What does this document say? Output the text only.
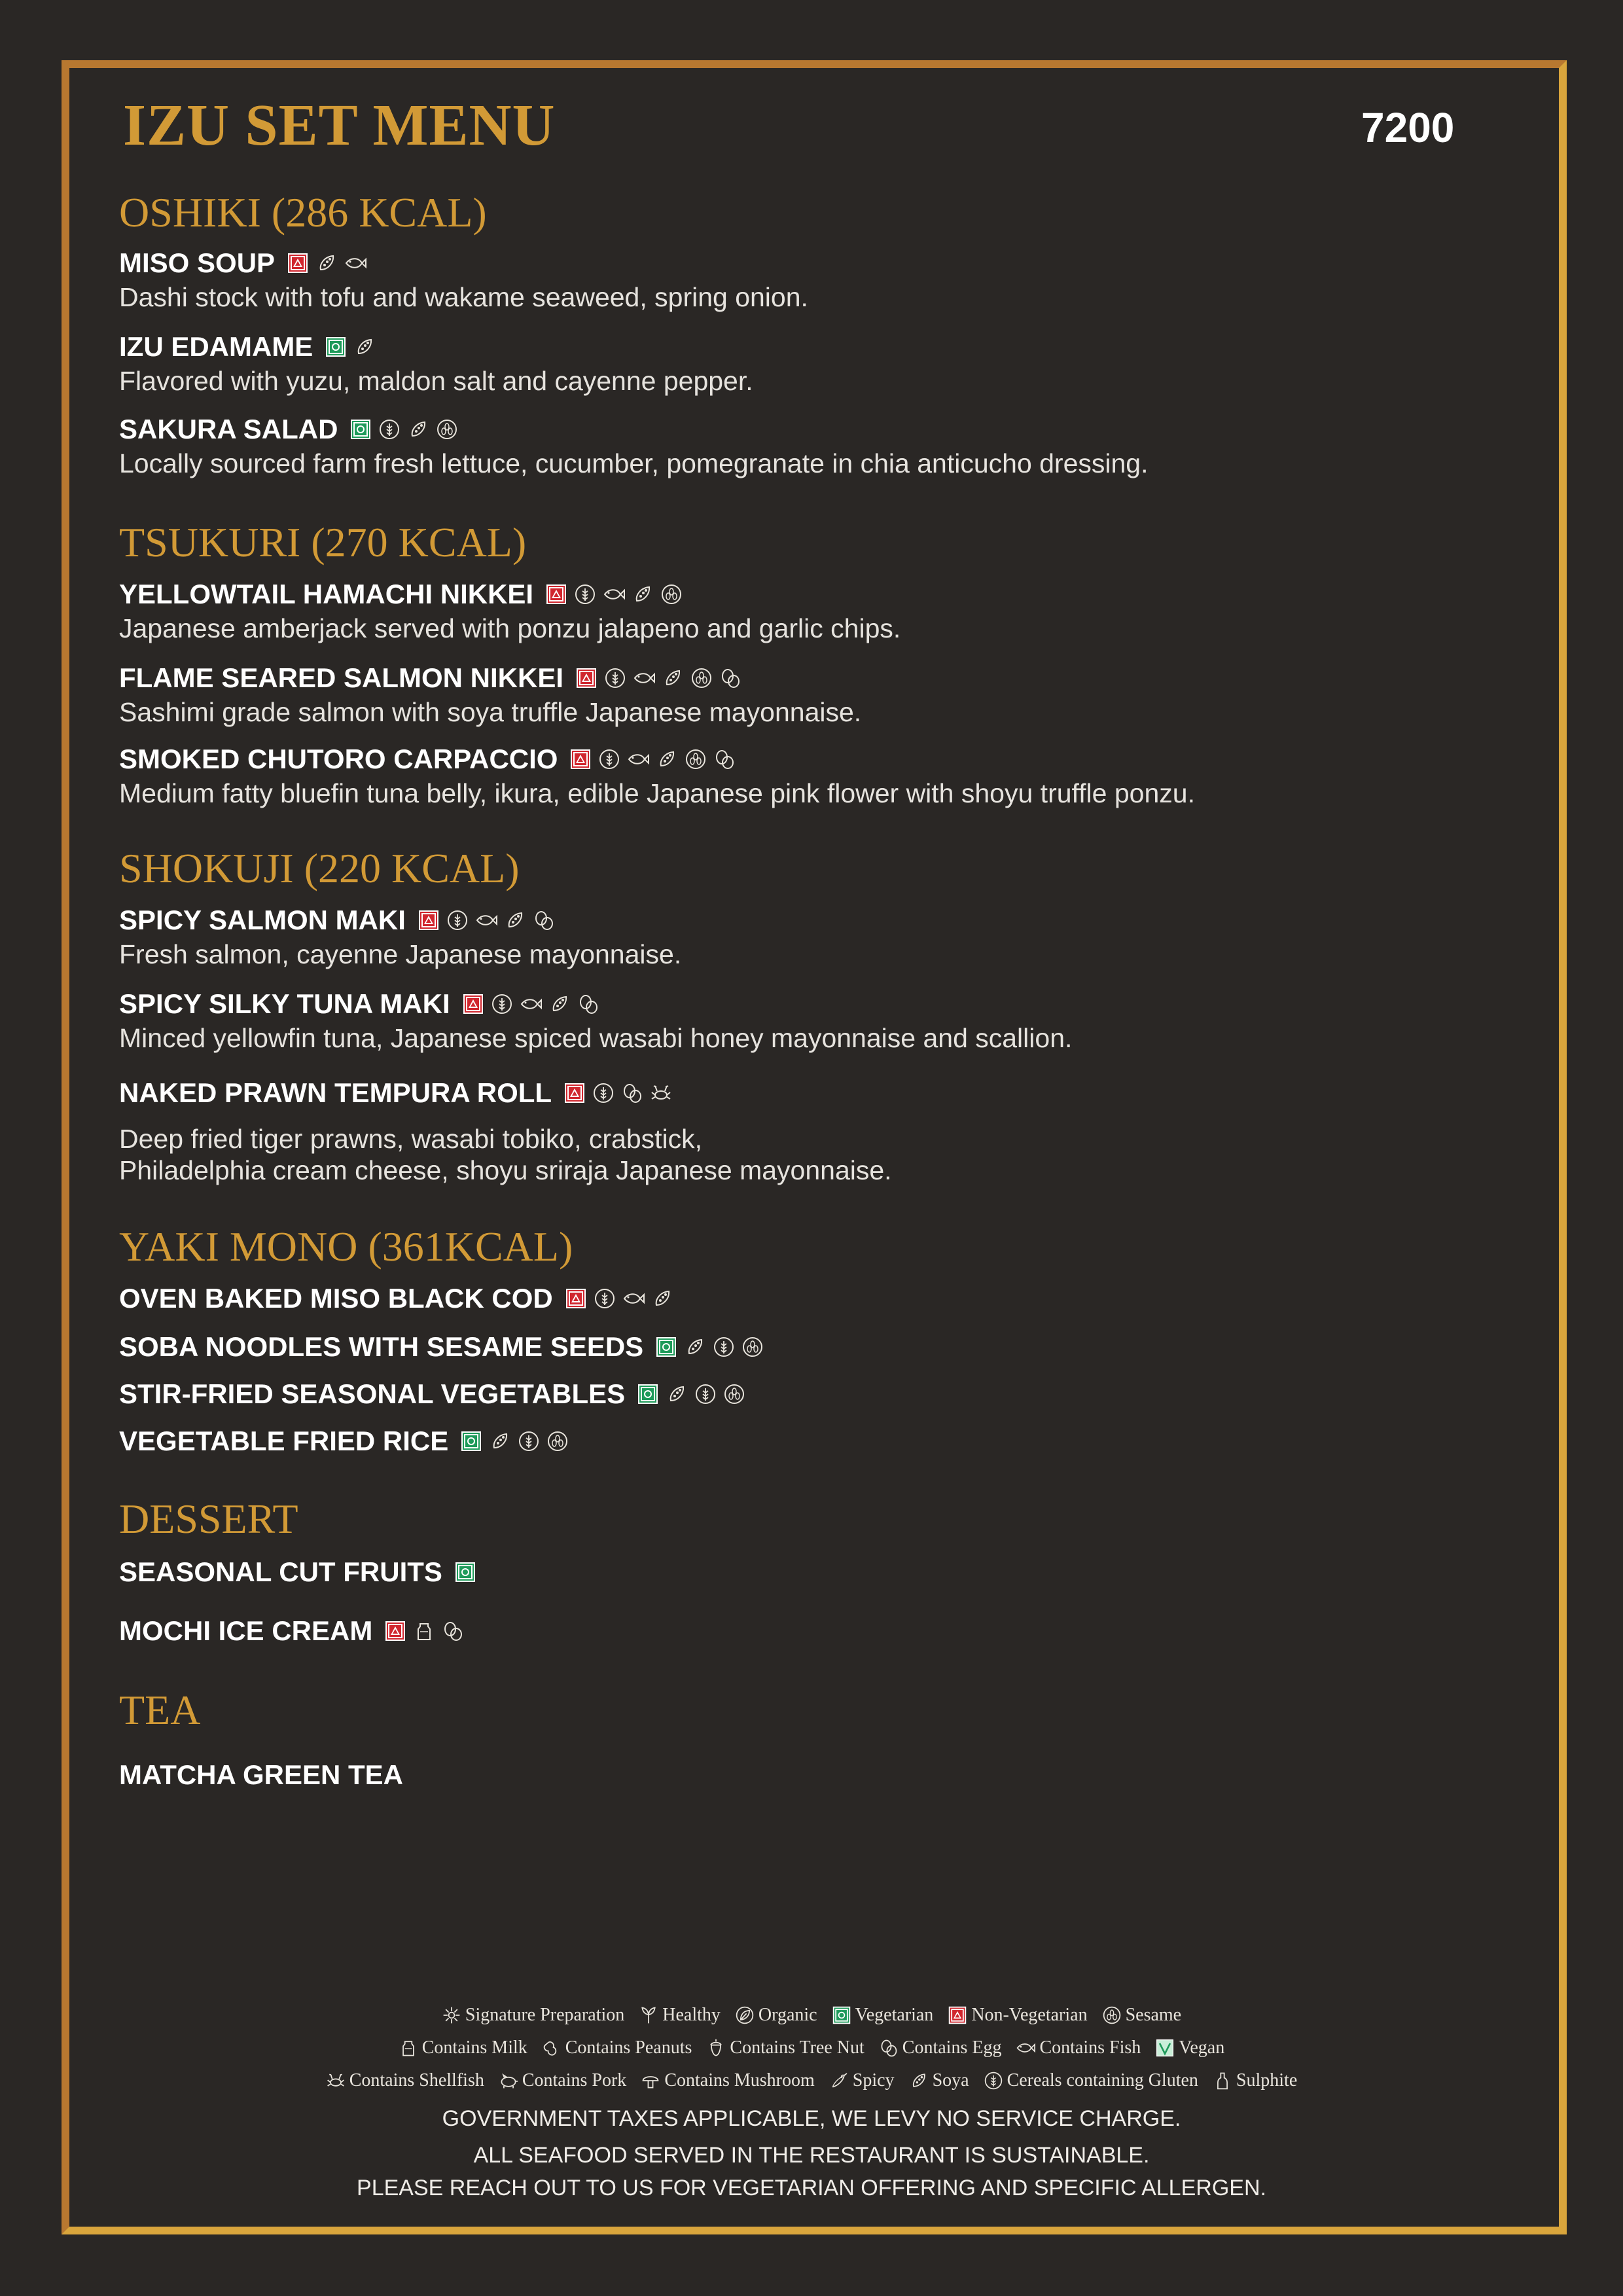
IZU SET MENU	7200
OSHIKI (286 KCAL)
MISO SOUP
Dashi stock with tofu and wakame seaweed, spring onion.
IZU EDAMAME
Flavored with yuzu, maldon salt and cayenne pepper.
SAKURA SALAD
Locally sourced farm fresh lettuce, cucumber, pomegranate in chia anticucho dressing.
TSUKURI (270 KCAL)
YELLOWTAIL HAMACHI NIKKEI
Japanese amberjack served with ponzu jalapeno and garlic chips.
FLAME SEARED SALMON NIKKEI
Sashimi grade salmon with soya truffle Japanese mayonnaise.
SMOKED CHUTORO CARPACCIO
Medium fatty bluefin tuna belly, ikura, edible Japanese pink flower with shoyu truffle ponzu.
SHOKUJI (220 KCAL)
SPICY SALMON MAKI
Fresh salmon, cayenne Japanese mayonnaise.
SPICY SILKY TUNA MAKI
Minced yellowfin tuna, Japanese spiced wasabi honey mayonnaise and scallion.
NAKED PRAWN TEMPURA ROLL
Deep fried tiger prawns, wasabi tobiko, crabstick,
Philadelphia cream cheese, shoyu sriraja Japanese mayonnaise.
YAKI MONO (361KCAL)
OVEN BAKED MISO BLACK COD
SOBA NOODLES WITH SESAME SEEDS
STIR-FRIED SEASONAL VEGETABLES
VEGETABLE FRIED RICE
DESSERT
SEASONAL CUT FRUITS
MOCHI ICE CREAM
TEA
MATCHA GREEN TEA
Signature Preparation Healthy Organic Vegetarian Non-Vegetarian Sesame
Contains Milk Contains Peanuts Contains Tree Nut Contains Egg Contains Fish Vegan
Contains Shellfish Contains Pork Contains Mushroom Spicy Soya Cereals containing Gluten Sulphite
GOVERNMENT TAXES APPLICABLE, WE LEVY NO SERVICE CHARGE.
ALL SEAFOOD SERVED IN THE RESTAURANT IS SUSTAINABLE.
PLEASE REACH OUT TO US FOR VEGETARIAN OFFERING AND SPECIFIC ALLERGEN.
